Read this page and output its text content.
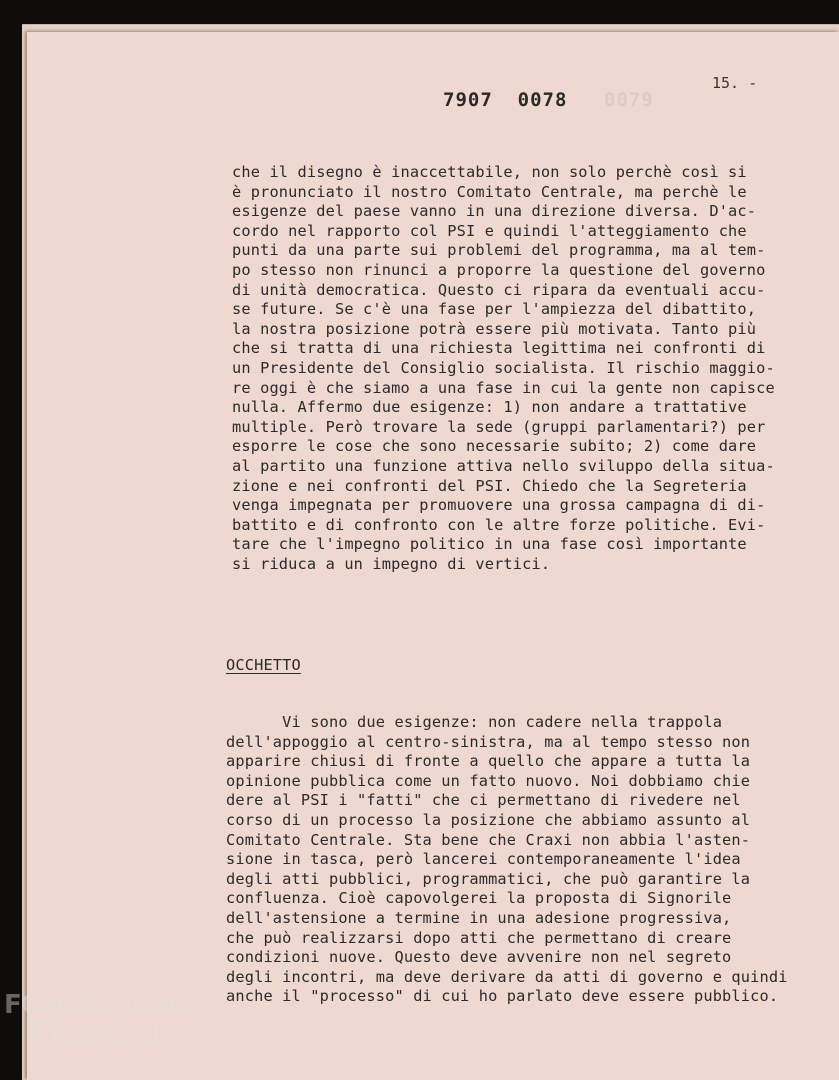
15. -
7907  0078 0079
che il disegno è inaccettabile, non solo perchè così si
è pronunciato il nostro Comitato Centrale, ma perchè le
esigenze del paese vanno in una direzione diversa. D'ac-
cordo nel rapporto col PSI e quindi l'atteggiamento che
punti da una parte sui problemi del programma, ma al tem-
po stesso non rinunci a proporre la questione del governo
di unità democratica. Questo ci ripara da eventuali accu-
se future. Se c'è una fase per l'ampiezza del dibattito,
la nostra posizione potrà essere più motivata. Tanto più
che si tratta di una richiesta legittima nei confronti di
un Presidente del Consiglio socialista. Il rischio maggio-
re oggi è che siamo a una fase in cui la gente non capisce
nulla. Affermo due esigenze: 1) non andare a trattative
multiple. Però trovare la sede (gruppi parlamentari?) per
esporre le cose che sono necessarie subito; 2) come dare
al partito una funzione attiva nello sviluppo della situa-
zione e nei confronti del PSI. Chiedo che la Segreteria
venga impegnata per promuovere una grossa campagna di di-
battito e di confronto con le altre forze politiche. Evi-
tare che l'impegno politico in una fase così importante
si riduca a un impegno di vertici.
OCCHETTO
Vi sono due esigenze: non cadere nella trappola
dell'appoggio al centro-sinistra, ma al tempo stesso non
apparire chiusi di fronte a quello che appare a tutta la
opinione pubblica come un fatto nuovo. Noi dobbiamo chie
dere al PSI i "fatti" che ci permettano di rivedere nel
corso di un processo la posizione che abbiamo assunto al
Comitato Centrale. Sta bene che Craxi non abbia l'asten-
sione in tasca, però lancerei contemporaneamente l'idea
degli atti pubblici, programmatici, che può garantire la
confluenza. Cioè capovolgerei la proposta di Signorile
dell'astensione a termine in una adesione progressiva,
che può realizzarsi dopo atti che permettano di creare
condizioni nuove. Questo deve avvenire non nel segreto
degli incontri, ma deve derivare da atti di governo e quindi
anche il "processo" di cui ho parlato deve essere pubblico.
FONDAZIONE
RAMSCI
onlus
